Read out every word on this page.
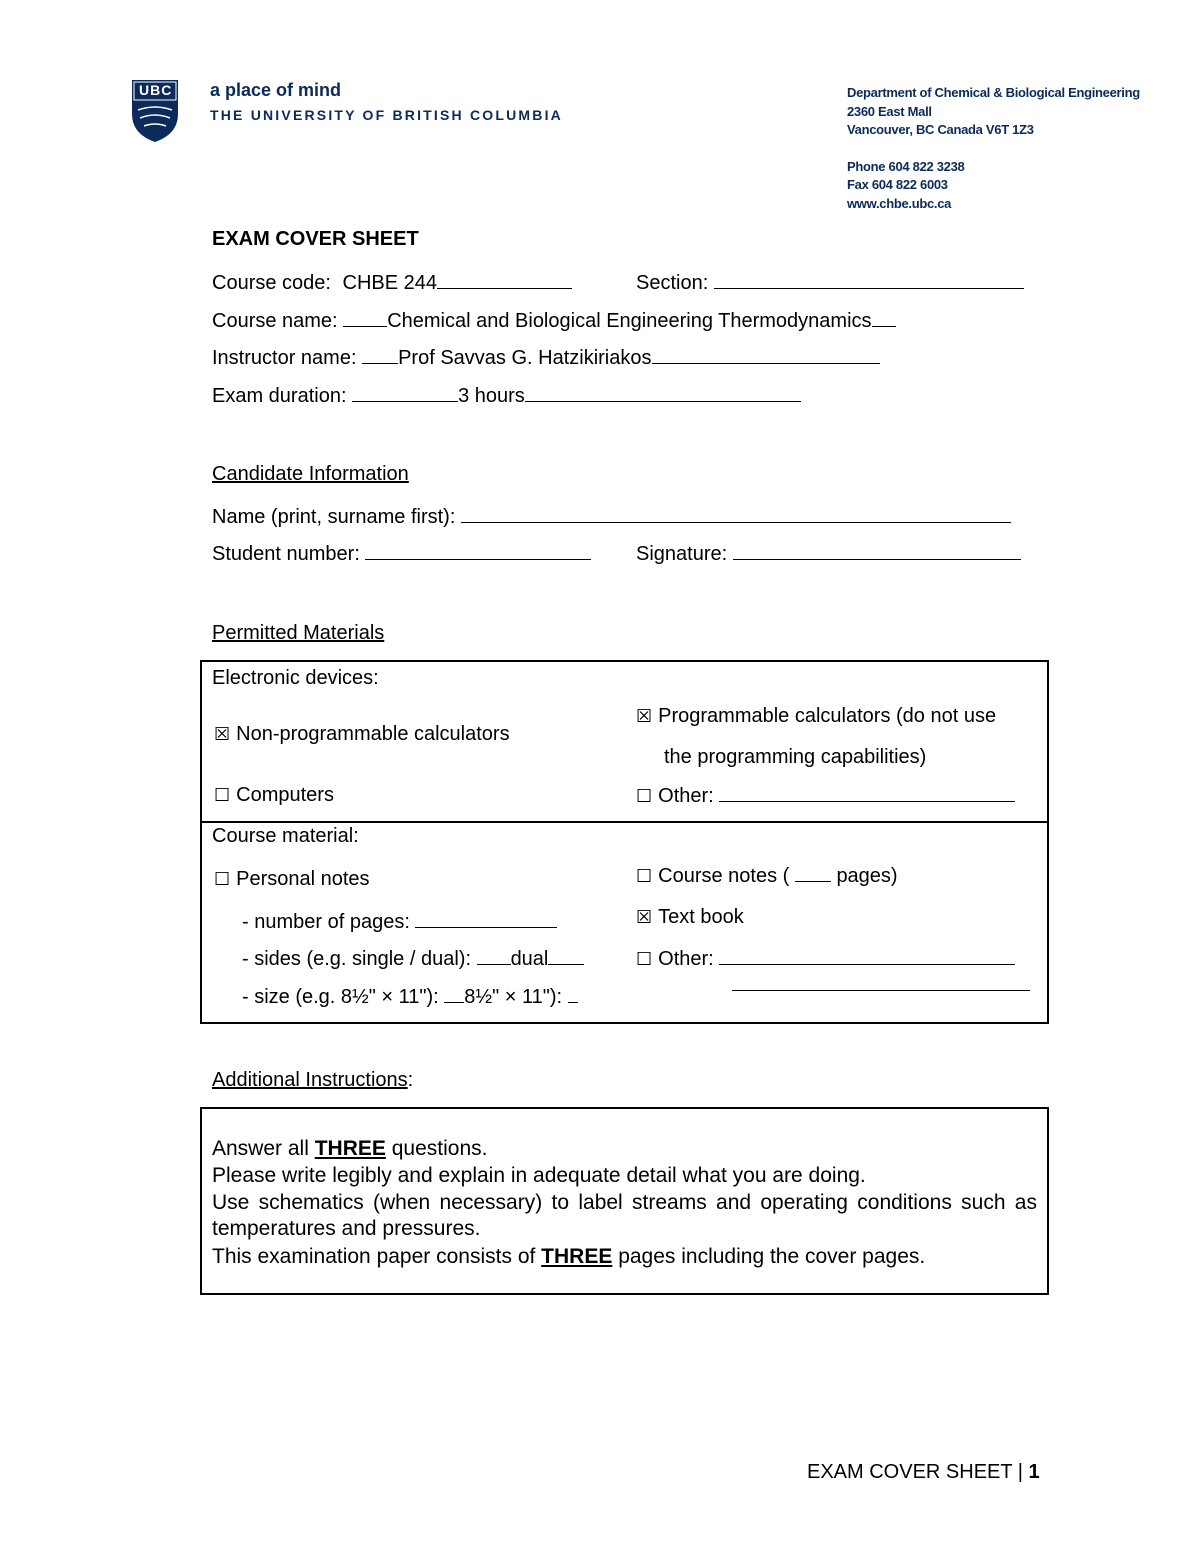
UBC a place of mind
THE UNIVERSITY OF BRITISH COLUMBIA
Department of Chemical & Biological Engineering
2360 East Mall
Vancouver, BC Canada V6T 1Z3
Phone 604 822 3238
Fax 604 822 6003
www.chbe.ubc.ca
EXAM COVER SHEET
Course code: CHBE 244	Section:
Course name: Chemical and Biological Engineering Thermodynamics
Instructor name: Prof Savvas G. Hatzikiriakos
Exam duration:	3 hours
Candidate Information
Name (print, surname first):
Student number:	Signature:
Permitted Materials
Electronic devices:
☒ Non-programmable calculators
☒ Programmable calculators (do not use
the programming capabilities)
☐ Computers	☐ Other:
Course material:
☐ Personal notes
- number of pages:
- sides (e.g. single / dual): dual
- size (e.g. 8½" × 11"): 8½" × 11"):
☐ Course notes ( pages)
☒ Text book
☐ Other:
Additional Instructions:
Answer all THREE questions.
Please write legibly and explain in adequate detail what you are doing.
Use schematics (when necessary) to label streams and operating conditions such as temperatures and pressures.
This examination paper consists of THREE pages including the cover pages.
EXAM COVER SHEET | 1
